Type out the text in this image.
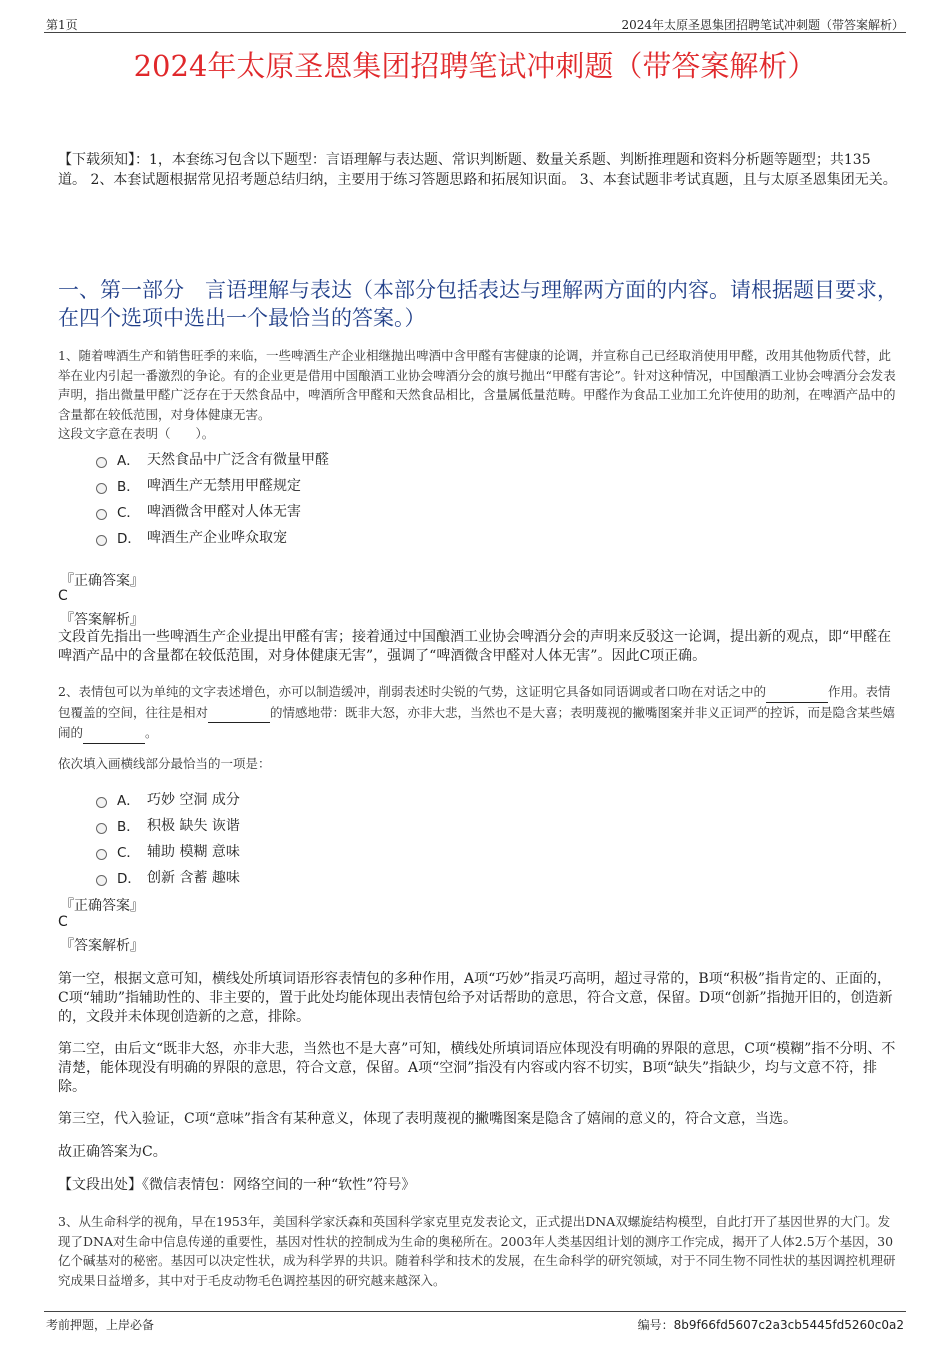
第1页	2024年太原圣恩集团招聘笔试冲刺题（带答案解析）
2024年太原圣恩集团招聘笔试冲刺题（带答案解析）
【下载须知】：1，本套练习包含以下题型：言语理解与表达题、常识判断题、数量关系题、判断推理题和资料分析题等题型；共135道。 2、本套试题根据常见招考题总结归纳，主要用于练习答题思路和拓展知识面。 3、本套试题非考试真题，且与太原圣恩集团无关。
一、第一部分　言语理解与表达（本部分包括表达与理解两方面的内容。请根据题目要求，在四个选项中选出一个最恰当的答案。）
1、随着啤酒生产和销售旺季的来临，一些啤酒生产企业相继抛出啤酒中含甲醛有害健康的论调，并宣称自己已经取消使用甲醛，改用其他物质代替，此举在业内引起一番激烈的争论。有的企业更是借用中国酿酒工业协会啤酒分会的旗号抛出“甲醛有害论”。针对这种情况，中国酿酒工业协会啤酒分会发表声明，指出微量甲醛广泛存在于天然食品中，啤酒所含甲醛和天然食品相比，含量属低量范畴。甲醛作为食品工业加工允许使用的助剂，在啤酒产品中的含量都在较低范围，对身体健康无害。
这段文字意在表明（　　）。
A． 天然食品中广泛含有微量甲醛
B． 啤酒生产无禁用甲醛规定
C． 啤酒微含甲醛对人体无害
D． 啤酒生产企业哗众取宠
『正确答案』
C
『答案解析』
文段首先指出一些啤酒生产企业提出甲醛有害；接着通过中国酿酒工业协会啤酒分会的声明来反驳这一论调，提出新的观点，即“甲醛在啤酒产品中的含量都在较低范围，对身体健康无害”，强调了“啤酒微含甲醛对人体无害”。因此C项正确。
2、表情包可以为单纯的文字表述增色，亦可以制造缓冲，削弱表述时尖锐的气势，这证明它具备如同语调或者口吻在对话之中的	作用。表情包覆盖的空间，往往是相对	的情感地带：既非大怒，亦非大悲，当然也不是大喜；表明蔑视的撇嘴图案并非义正词严的控诉，而是隐含某些嬉闹的	。
依次填入画横线部分最恰当的一项是：
A． 巧妙 空洞 成分
B． 积极 缺失 诙谐
C． 辅助 模糊 意味
D． 创新 含蓄 趣味
『正确答案』
C
『答案解析』
第一空，根据文意可知，横线处所填词语形容表情包的多种作用，A项“巧妙”指灵巧高明，超过寻常的，B项“积极”指肯定的、正面的，C项“辅助”指辅助性的、非主要的，置于此处均能体现出表情包给予对话帮助的意思，符合文意，保留。D项“创新”指抛开旧的，创造新的，文段并未体现创造新的之意，排除。
第二空，由后文“既非大怒，亦非大悲，当然也不是大喜”可知，横线处所填词语应体现没有明确的界限的意思，C项“模糊”指不分明、不清楚，能体现没有明确的界限的意思，符合文意，保留。A项“空洞”指没有内容或内容不切实，B项“缺失”指缺少，均与文意不符，排除。
第三空，代入验证，C项“意味”指含有某种意义，体现了表明蔑视的撇嘴图案是隐含了嬉闹的意义的，符合文意，当选。
故正确答案为C。
【文段出处】《微信表情包：网络空间的一种“软性”符号》
3、从生命科学的视角，早在1953年，美国科学家沃森和英国科学家克里克发表论文，正式提出DNA双螺旋结构模型，自此打开了基因世界的大门。发现了DNA对生命中信息传递的重要性，基因对性状的控制成为生命的奥秘所在。2003年人类基因组计划的测序工作完成，揭开了人体2.5万个基因，30亿个碱基对的秘密。基因可以决定性状，成为科学界的共识。随着科学和技术的发展，在生命科学的研究领域，对于不同生物不同性状的基因调控机理研究成果日益增多，其中对于毛皮动物毛色调控基因的研究越来越深入。
考前押题，上岸必备	编号：8b9f66fd5607c2a3cb5445fd5260c0a2
